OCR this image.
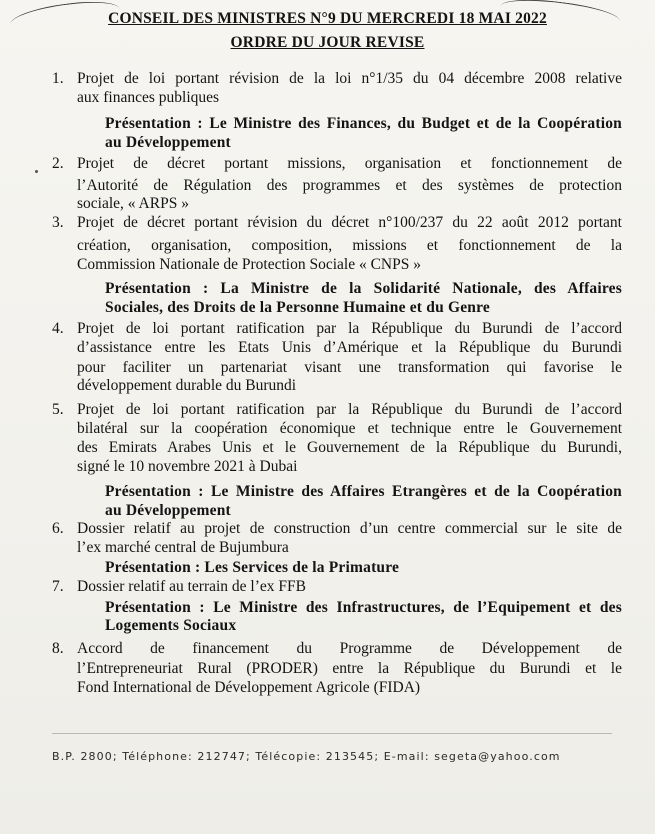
CONSEIL DES MINISTRES N°9 DU MERCREDI 18 MAI 2022
ORDRE DU JOUR REVISE
1. Projet de loi portant révision de la loi n°1/35 du 04 décembre 2008 relative
aux finances publiques
Présentation : Le Ministre des Finances, du Budget et de la Coopération
au Développement
2. Projet de décret portant missions, organisation et fonctionnement de
l’Autorité de Régulation des programmes et des systèmes de protection
sociale, « ARPS »
3. Projet de décret portant révision du décret n°100/237 du 22 août 2012 portant
création, organisation, composition, missions et fonctionnement de la
Commission Nationale de Protection Sociale « CNPS »
Présentation : La Ministre de la Solidarité Nationale, des Affaires
Sociales, des Droits de la Personne Humaine et du Genre
4. Projet de loi portant ratification par la République du Burundi de l’accord
d’assistance entre les Etats Unis d’Amérique et la République du Burundi
pour faciliter un partenariat visant une transformation qui favorise le
développement durable du Burundi
5. Projet de loi portant ratification par la République du Burundi de l’accord
bilatéral sur la coopération économique et technique entre le Gouvernement
des Emirats Arabes Unis et le Gouvernement de la République du Burundi,
signé le 10 novembre 2021 à Dubai
Présentation : Le Ministre des Affaires Etrangères et de la Coopération
au Développement
6. Dossier relatif au projet de construction d’un centre commercial sur le site de
l’ex marché central de Bujumbura
Présentation : Les Services de la Primature
7. Dossier relatif au terrain de l’ex FFB
Présentation : Le Ministre des Infrastructures, de l’Equipement et des
Logements Sociaux
8. Accord de financement du Programme de Développement de
l’Entrepreneuriat Rural (PRODER) entre la République du Burundi et le
Fond International de Développement Agricole (FIDA)
B.P. 2800; Téléphone: 212747; Télécopie: 213545; E-mail: segeta@yahoo.com
